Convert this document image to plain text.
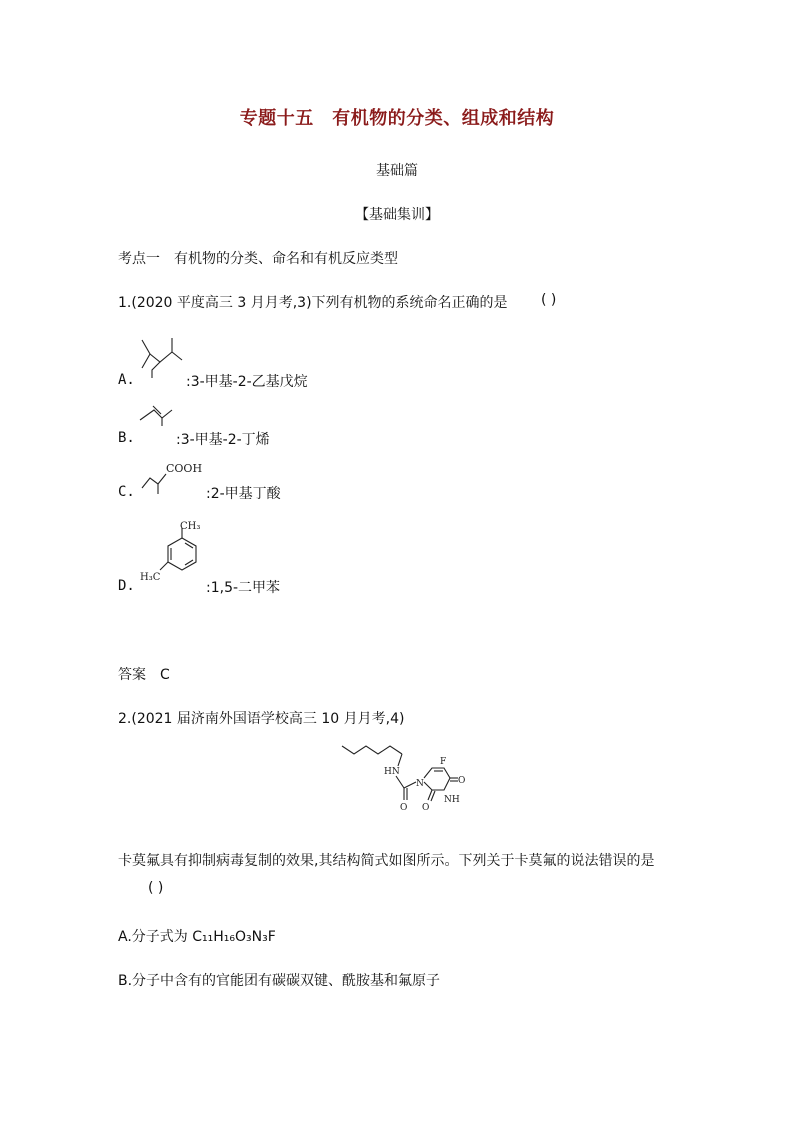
专题十五　有机物的分类、组成和结构
基础篇
【基础集训】
考点一　有机物的分类、命名和有机反应类型
1.(2020 平度高三 3 月月考,3)下列有机物的系统命名正确的是 ( )
A.	:3-甲基-2-乙基戊烷
B.	:3-甲基-2-丁烯
C.
COOH
:2-甲基丁酸
D.
CH₃
H₃C
:1,5-二甲苯
答案　C
2.(2021 届济南外国语学校高三 10 月月考,4)
HN
O
N
F
O
NH
O
卡莫氟具有抑制病毒复制的效果,其结构简式如图所示。下列关于卡莫氟的说法错误的是
( )
A.分子式为 C₁₁H₁₆O₃N₃F
B.分子中含有的官能团有碳碳双键、酰胺基和氟原子
